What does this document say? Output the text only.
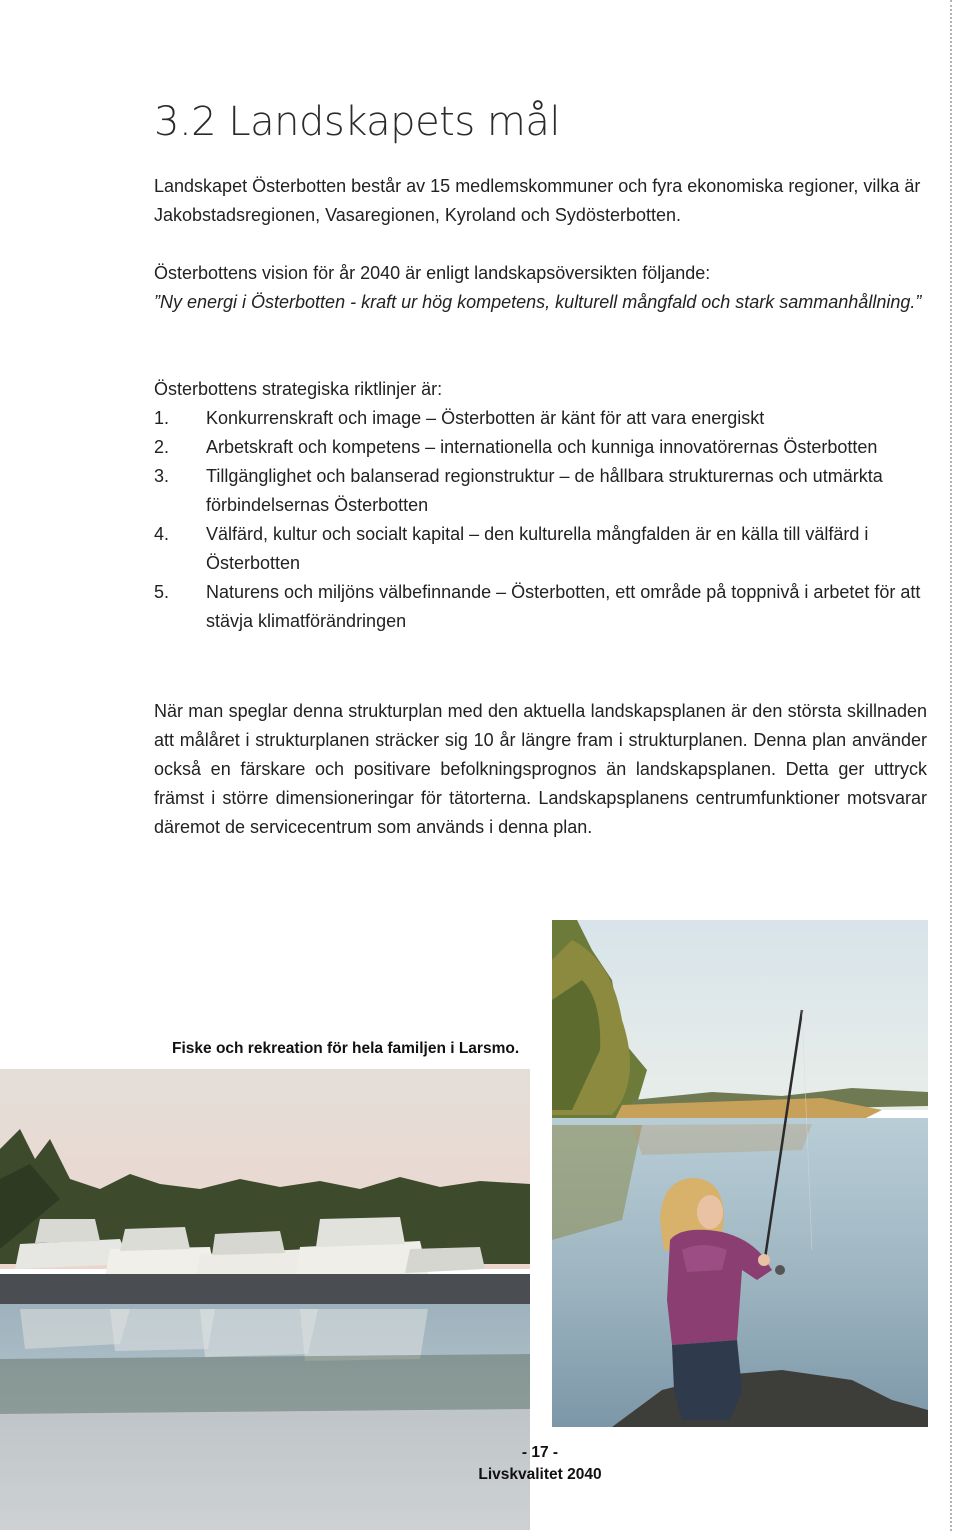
3.2 Landskapets mål

Landskapet Österbotten består av 15 medlemskommuner och fyra ekonomiska regioner, vilka är Jakobstadsregionen, Vasaregionen, Kyroland och Sydösterbotten.

Österbottens vision för år 2040 är enligt landskapsöversikten följande:
”Ny energi i Österbotten - kraft ur hög kompetens, kulturell mångfald och stark sammanhållning.”

Österbottens strategiska riktlinjer är:

1. Konkurrenskraft och image – Österbotten är känt för att vara energiskt
2. Arbetskraft och kompetens – internationella och kunniga innovatörernas Österbotten
3. Tillgänglighet och balanserad regionstruktur – de hållbara strukturernas och utmärkta förbindelsernas Österbotten
4. Välfärd, kultur och socialt kapital – den kulturella mångfalden är en källa till välfärd i Österbotten
5. Naturens och miljöns välbefinnande – Österbotten, ett område på toppnivå i arbetet för att stävja klimatförändringen

När man speglar denna strukturplan med den aktuella landskapsplanen är den största skillnaden att målåret i strukturplanen sträcker sig 10 år längre fram i strukturplanen. Denna plan använder också en färskare och positivare befolkningsprognos än landskapsplanen. Detta ger uttryck främst i större dimensioneringar för tätorterna. Landskapsplanens centrumfunktioner motsvarar däremot de servicecentrum som används i denna plan.

Fiske och rekreation för hela familjen i Larsmo.
- 17 -
Livskvalitet 2040
